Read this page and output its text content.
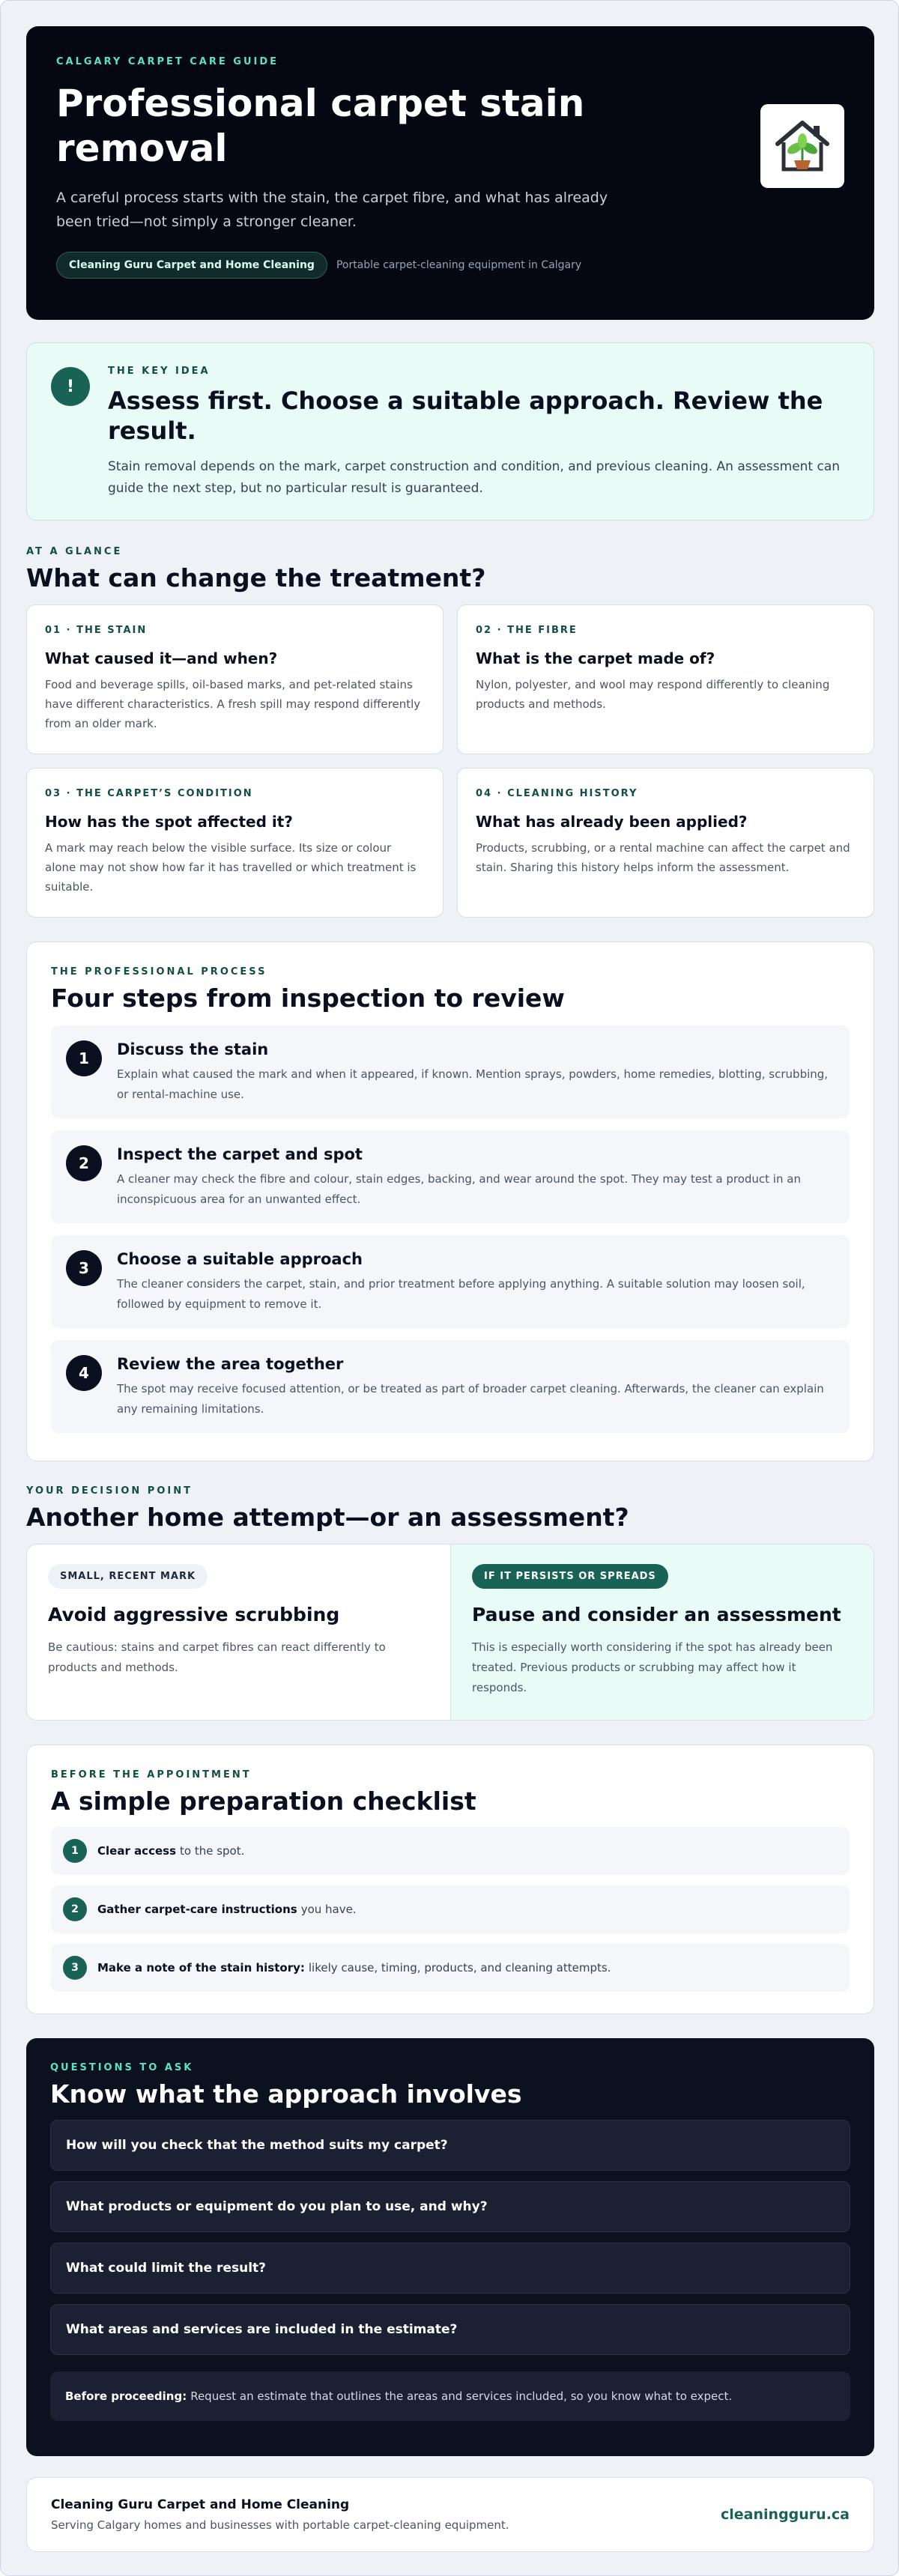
CALGARY CARPET CARE GUIDE
Professional carpet stain removal

A careful process starts with the stain, the carpet fibre, and what has already been tried—not simply a stronger cleaner.

Cleaning Guru Carpet and Home Cleaning	Portable carpet-cleaning equipment in Calgary
!
THE KEY IDEA
Assess first. Choose a suitable approach. Review the result.

Stain removal depends on the mark, carpet construction and condition, and previous cleaning. An assessment can guide the next step, but no particular result is guaranteed.

AT A GLANCE
What can change the treatment?
01 · THE STAIN
What caused it—and when?

Food and beverage spills, oil-based marks, and pet-related stains have different characteristics. A fresh spill may respond differently from an older mark.

02 · THE FIBRE
What is the carpet made of?

Nylon, polyester, and wool may respond differently to cleaning products and methods.

03 · THE CARPET’S CONDITION
How has the spot affected it?

A mark may reach below the visible surface. Its size or colour alone may not show how far it has travelled or which treatment is suitable.

04 · CLEANING HISTORY
What has already been applied?

Products, scrubbing, or a rental machine can affect the carpet and stain. Sharing this history helps inform the assessment.

THE PROFESSIONAL PROCESS
Four steps from inspection to review
1	Discuss the stain

Explain what caused the mark and when it appeared, if known. Mention sprays, powders, home remedies, blotting, scrubbing, or rental-machine use.

2	Inspect the carpet and spot

A cleaner may check the fibre and colour, stain edges, backing, and wear around the spot. They may test a product in an inconspicuous area for an unwanted effect.

3	Choose a suitable approach

The cleaner considers the carpet, stain, and prior treatment before applying anything. A suitable solution may loosen soil, followed by equipment to remove it.

4	Review the area together

The spot may receive focused attention, or be treated as part of broader carpet cleaning. Afterwards, the cleaner can explain any remaining limitations.

YOUR DECISION POINT
Another home attempt—or an assessment?
SMALL, RECENT MARK
Avoid aggressive scrubbing

Be cautious: stains and carpet fibres can react differently to products and methods.

IF IT PERSISTS OR SPREADS
Pause and consider an assessment

This is especially worth considering if the spot has already been treated. Previous products or scrubbing may affect how it responds.

BEFORE THE APPOINTMENT
A simple preparation checklist
1	Clear access to the spot.
2	Gather carpet-care instructions you have.
3	Make a note of the stain history: likely cause, timing, products, and cleaning attempts.
QUESTIONS TO ASK
Know what the approach involves
How will you check that the method suits my carpet?
What products or equipment do you plan to use, and why?
What could limit the result?
What areas and services are included in the estimate?
Before proceeding: Request an estimate that outlines the areas and services included, so you know what to expect.
Cleaning Guru Carpet and Home Cleaning
Serving Calgary homes and businesses with portable carpet-cleaning equipment.
cleaningguru.ca
